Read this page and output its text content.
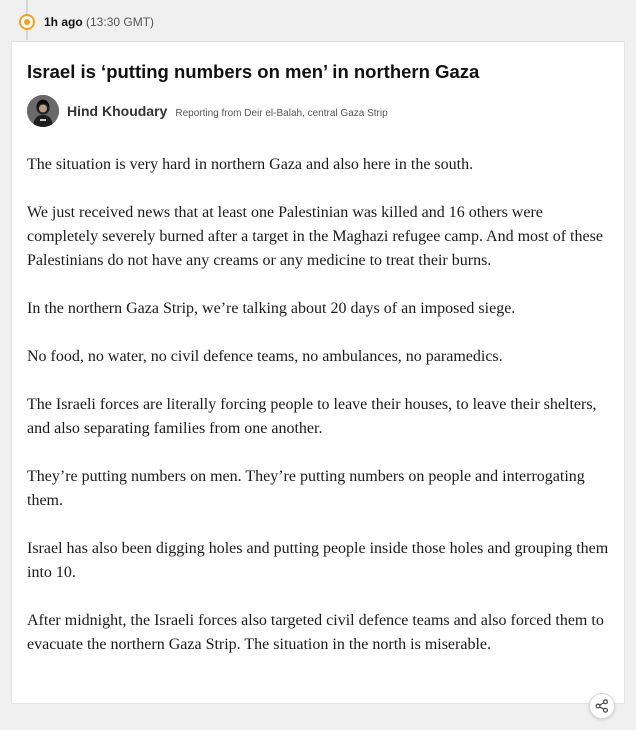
1h ago (13:30 GMT)
Israel is ‘putting numbers on men’ in northern Gaza
Hind Khoudary Reporting from Deir el-Balah, central Gaza Strip

The situation is very hard in northern Gaza and also here in the south.

We just received news that at least one Palestinian was killed and 16 others were completely severely burned after a target in the Maghazi refugee camp. And most of these Palestinians do not have any creams or any medicine to treat their burns.

In the northern Gaza Strip, we’re talking about 20 days of an imposed siege.

No food, no water, no civil defence teams, no ambulances, no paramedics.

The Israeli forces are literally forcing people to leave their houses, to leave their shelters, and also separating families from one another.

They’re putting numbers on men. They’re putting numbers on people and interrogating them.

Israel has also been digging holes and putting people inside those holes and grouping them into 10.

After midnight, the Israeli forces also targeted civil defence teams and also forced them to evacuate the northern Gaza Strip. The situation in the north is miserable.
